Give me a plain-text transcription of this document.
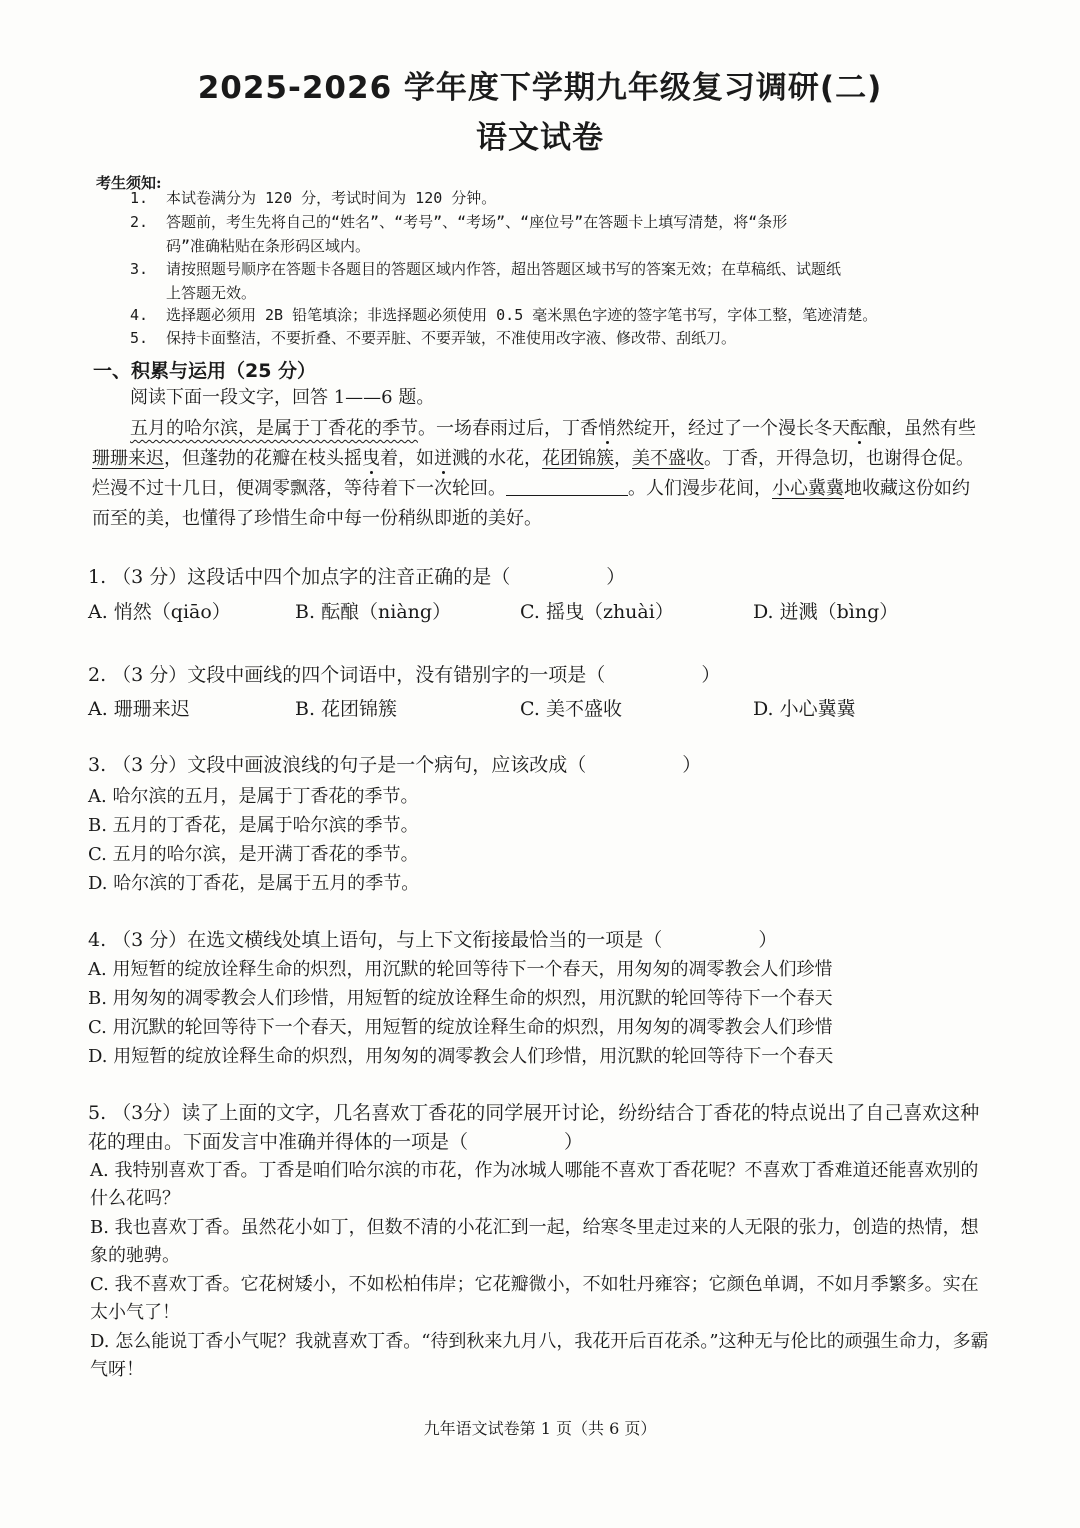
2025-2026 学年度下学期九年级复习调研(二)
语文试卷
考生须知:
1. 本试卷满分为 120 分，考试时间为 120 分钟。
2. 答题前，考生先将自己的“姓名”、“考号”、“考场”、“座位号”在答题卡上填写清楚，将“条形
码”准确粘贴在条形码区域内。
3. 请按照题号顺序在答题卡各题目的答题区域内作答，超出答题区域书写的答案无效；在草稿纸、试题纸
上答题无效。
4. 选择题必须用 2B 铅笔填涂；非选择题必须使用 0.5 毫米黑色字迹的签字笔书写，字体工整，笔迹清楚。
5. 保持卡面整洁，不要折叠、不要弄脏、不要弄皱，不准使用改字液、修改带、刮纸刀。
一、积累与运用（25 分）
阅读下面一段文字，回答 1——6 题。
五月的哈尔滨，是属于丁香花的季节。一场春雨过后，丁香悄然绽开，经过了一个漫长冬天酝酿，虽然有些珊珊来迟，但蓬勃的花瓣在枝头摇曳着，如迸溅的水花，花团锦簇，美不盛收。丁香，开得急切，也谢得仓促。烂漫不过十几日，便凋零飘落，等待着下一次轮回。	。人们漫步花间，小心冀冀地收藏这份如约而至的美，也懂得了珍惜生命中每一份稍纵即逝的美好。
1. （3 分）这段话中四个加点字的注音正确的是（	）
A. 悄然（qiāo）	B. 酝酿（niàng）	C. 摇曳（zhuài）	D. 迸溅（bìng）
2. （3 分）文段中画线的四个词语中，没有错别字的一项是（	）
A. 珊珊来迟	B. 花团锦簇	C. 美不盛收	D. 小心冀冀
3. （3 分）文段中画波浪线的句子是一个病句，应该改成（	）
A. 哈尔滨的五月，是属于丁香花的季节。
B. 五月的丁香花，是属于哈尔滨的季节。
C. 五月的哈尔滨，是开满丁香花的季节。
D. 哈尔滨的丁香花，是属于五月的季节。
4. （3 分）在选文横线处填上语句，与上下文衔接最恰当的一项是（	）
A. 用短暂的绽放诠释生命的炽烈，用沉默的轮回等待下一个春天，用匆匆的凋零教会人们珍惜
B. 用匆匆的凋零教会人们珍惜，用短暂的绽放诠释生命的炽烈，用沉默的轮回等待下一个春天
C. 用沉默的轮回等待下一个春天，用短暂的绽放诠释生命的炽烈，用匆匆的凋零教会人们珍惜
D. 用短暂的绽放诠释生命的炽烈，用匆匆的凋零教会人们珍惜，用沉默的轮回等待下一个春天
5. （3分）读了上面的文字，几名喜欢丁香花的同学展开讨论，纷纷结合丁香花的特点说出了自己喜欢这种花的理由。下面发言中准确并得体的一项是（	）
A. 我特别喜欢丁香。丁香是咱们哈尔滨的市花，作为冰城人哪能不喜欢丁香花呢？不喜欢丁香难道还能喜欢别的什么花吗？
B. 我也喜欢丁香。虽然花小如丁，但数不清的小花汇到一起，给寒冬里走过来的人无限的张力，创造的热情，想象的驰骋。
C. 我不喜欢丁香。它花树矮小，不如松柏伟岸；它花瓣微小，不如牡丹雍容；它颜色单调，不如月季繁多。实在太小气了！
D. 怎么能说丁香小气呢？我就喜欢丁香。“待到秋来九月八，我花开后百花杀。”这种无与伦比的顽强生命力，多霸气呀！
九年语文试卷第 1 页（共 6 页）
